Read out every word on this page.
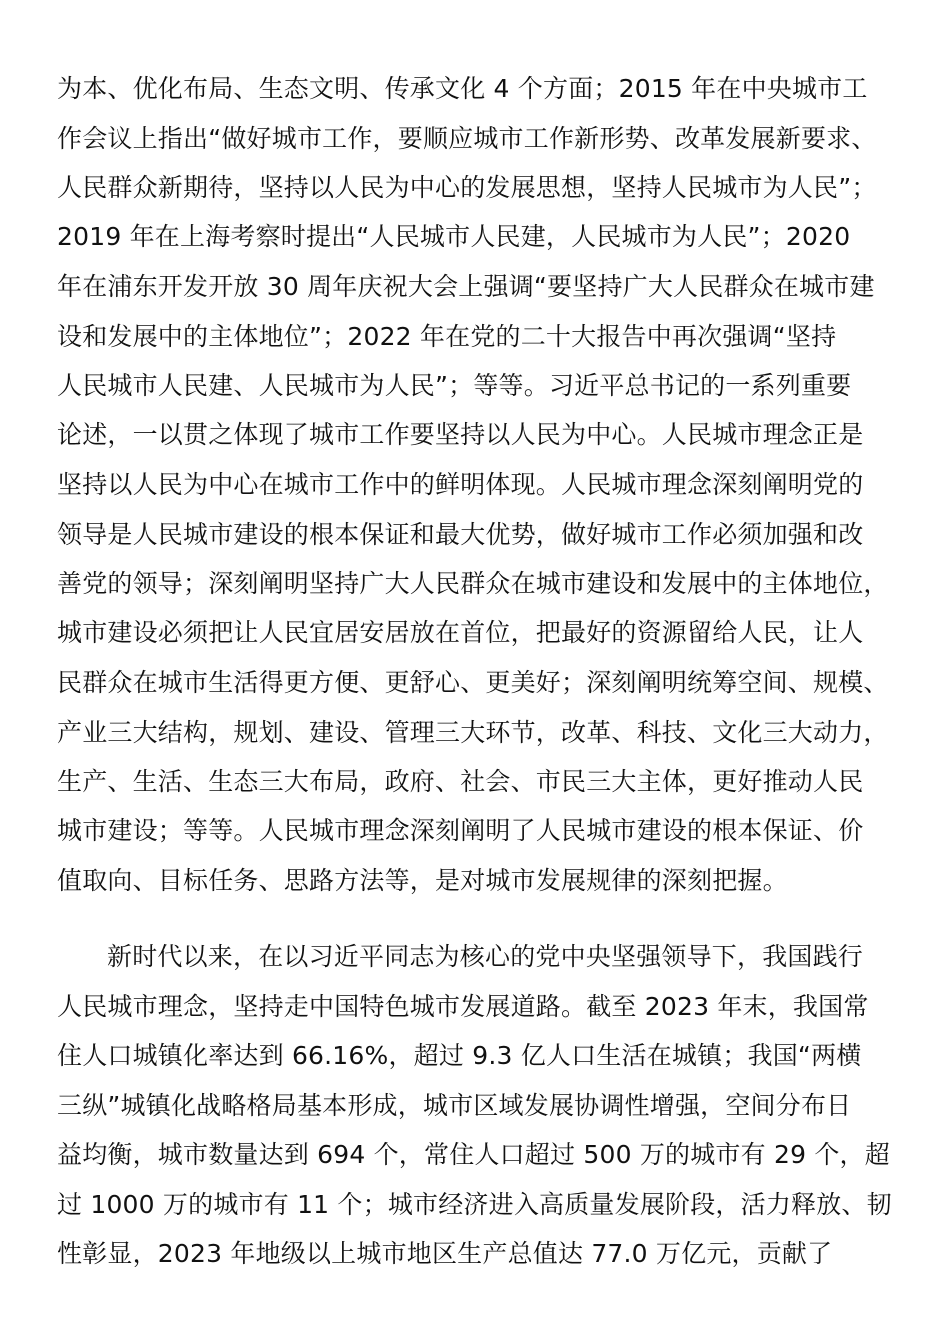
为本、优化布局、生态文明、传承文化 4 个方面；2015 年在中央城市工
作会议上指出“做好城市工作，要顺应城市工作新形势、改革发展新要求、
人民群众新期待，坚持以人民为中心的发展思想，坚持人民城市为人民”；
2019 年在上海考察时提出“人民城市人民建，人民城市为人民”；2020
年在浦东开发开放 30 周年庆祝大会上强调“要坚持广大人民群众在城市建
设和发展中的主体地位”；2022 年在党的二十大报告中再次强调“坚持
人民城市人民建、人民城市为人民”；等等。习近平总书记的一系列重要
论述，一以贯之体现了城市工作要坚持以人民为中心。人民城市理念正是
坚持以人民为中心在城市工作中的鲜明体现。人民城市理念深刻阐明党的
领导是人民城市建设的根本保证和最大优势，做好城市工作必须加强和改
善党的领导；深刻阐明坚持广大人民群众在城市建设和发展中的主体地位，
城市建设必须把让人民宜居安居放在首位，把最好的资源留给人民，让人
民群众在城市生活得更方便、更舒心、更美好；深刻阐明统筹空间、规模、
产业三大结构，规划、建设、管理三大环节，改革、科技、文化三大动力，
生产、生活、生态三大布局，政府、社会、市民三大主体，更好推动人民
城市建设；等等。人民城市理念深刻阐明了人民城市建设的根本保证、价
值取向、目标任务、思路方法等，是对城市发展规律的深刻把握。
新时代以来，在以习近平同志为核心的党中央坚强领导下，我国践行
人民城市理念，坚持走中国特色城市发展道路。截至 2023 年末，我国常
住人口城镇化率达到 66.16%，超过 9.3 亿人口生活在城镇；我国“两横
三纵”城镇化战略格局基本形成，城市区域发展协调性增强，空间分布日
益均衡，城市数量达到 694 个，常住人口超过 500 万的城市有 29 个，超
过 1000 万的城市有 11 个；城市经济进入高质量发展阶段，活力释放、韧
性彰显，2023 年地级以上城市地区生产总值达 77.0 万亿元，贡献了
